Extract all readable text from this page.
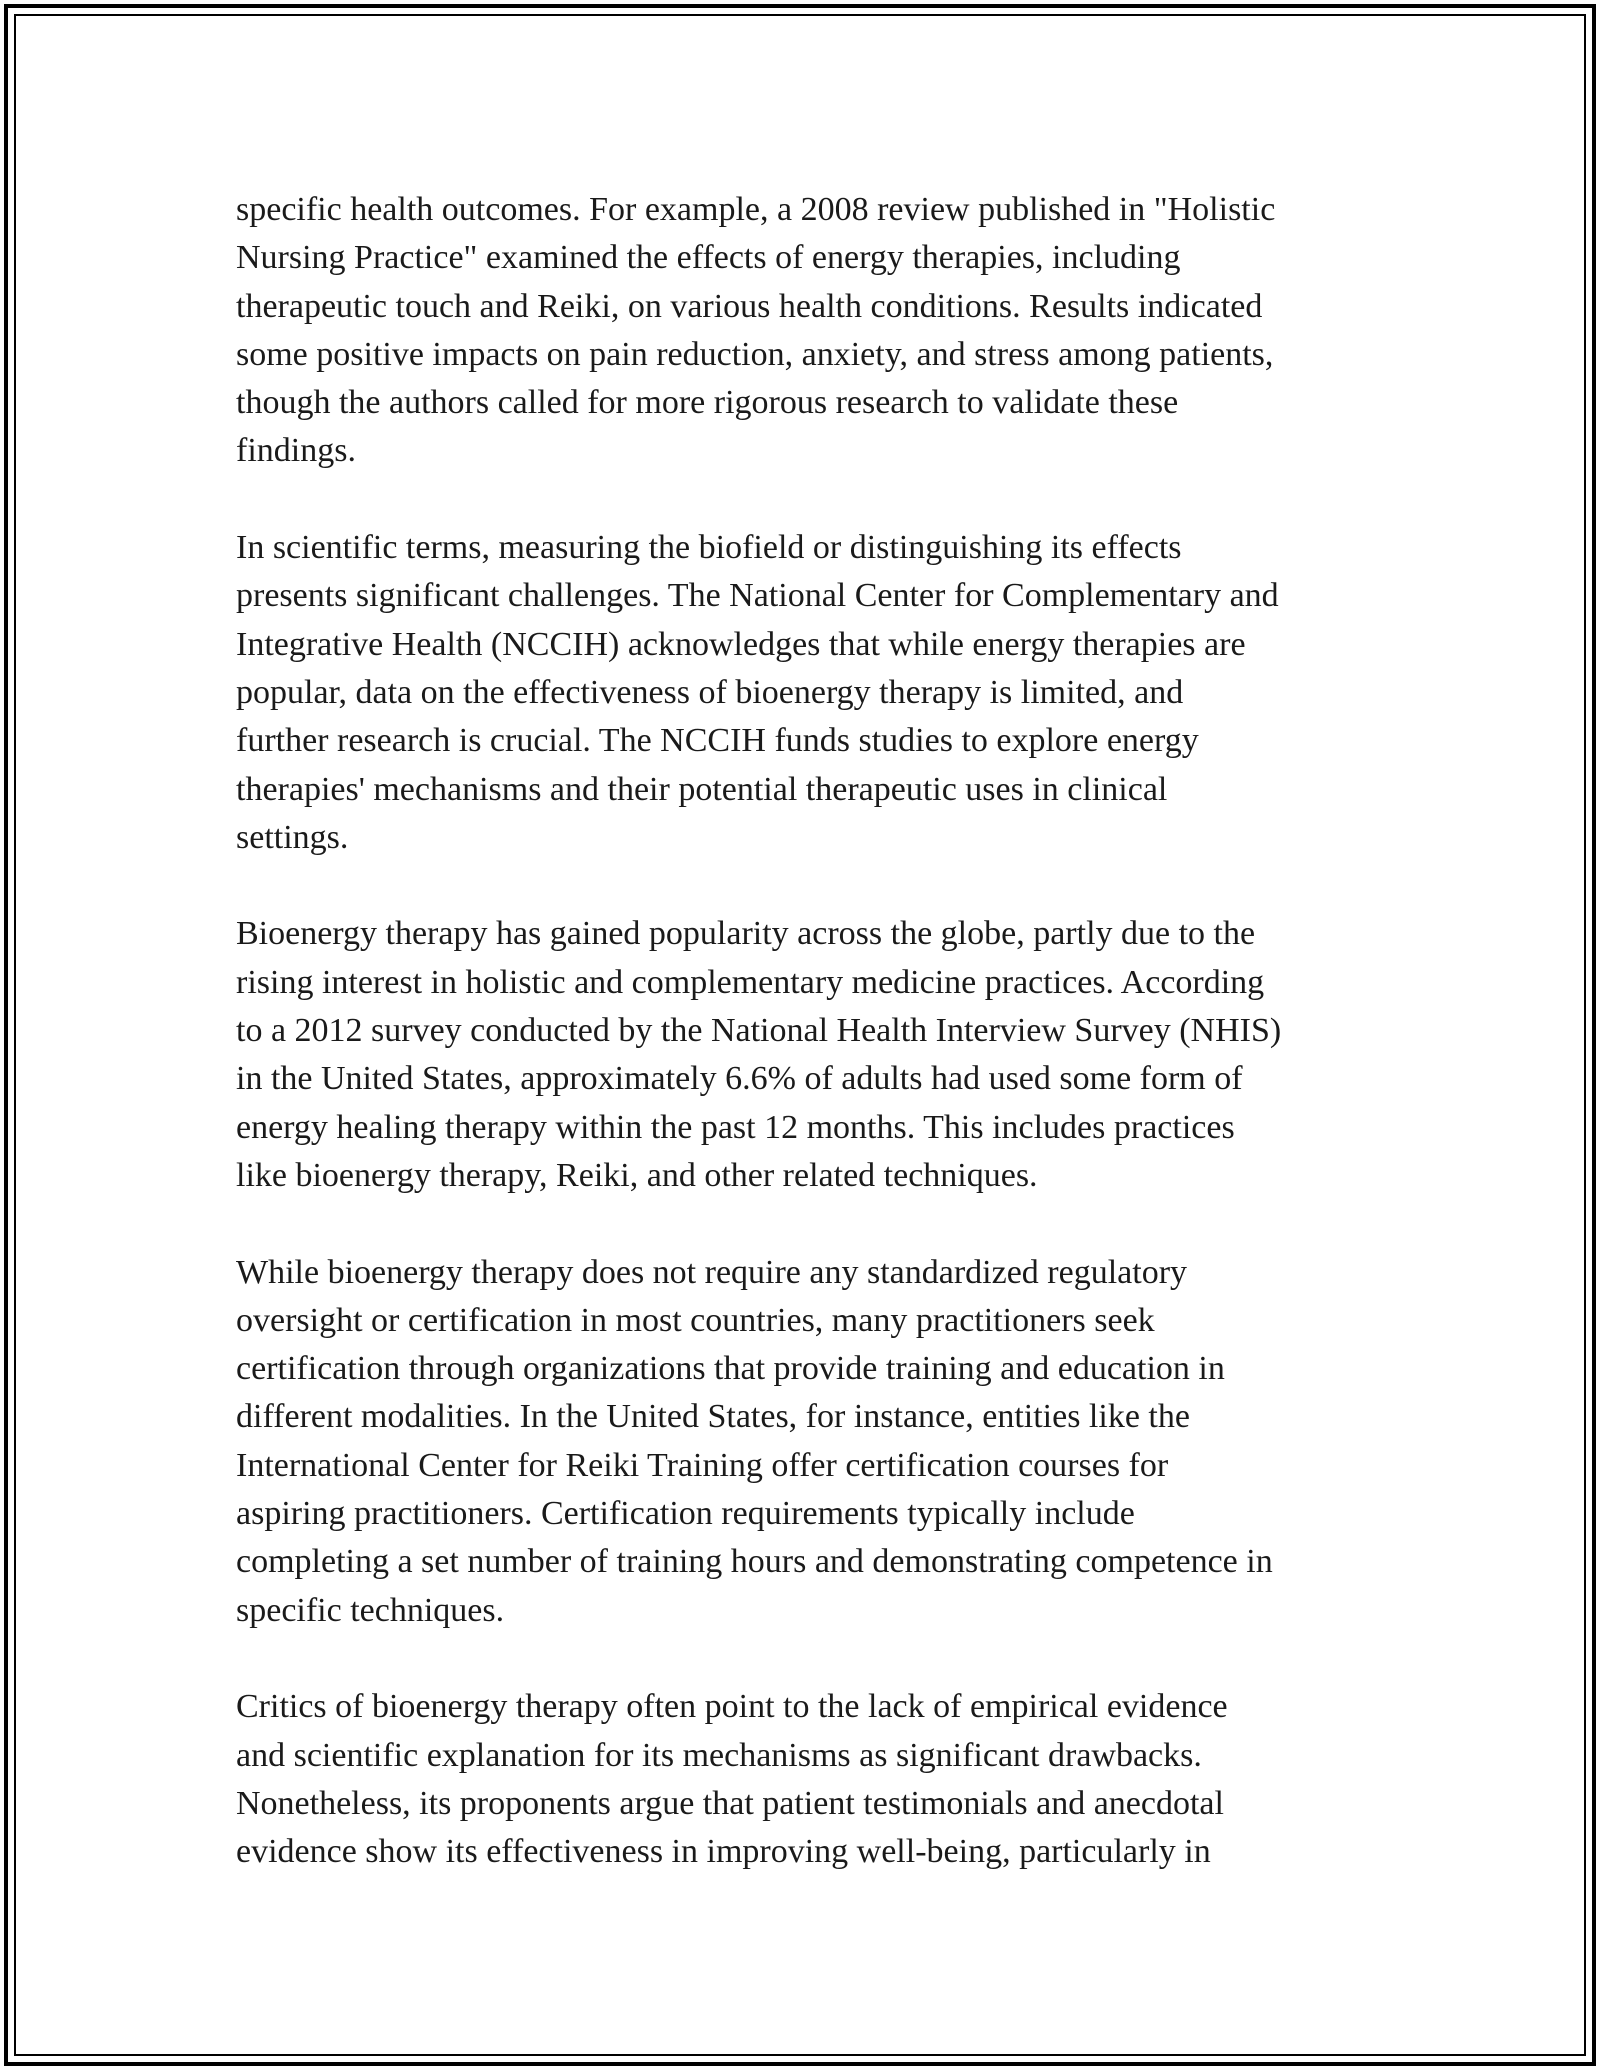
specific health outcomes. For example, a 2008 review published in "Holistic
Nursing Practice" examined the effects of energy therapies, including
therapeutic touch and Reiki, on various health conditions. Results indicated
some positive impacts on pain reduction, anxiety, and stress among patients,
though the authors called for more rigorous research to validate these
findings.

In scientific terms, measuring the biofield or distinguishing its effects
presents significant challenges. The National Center for Complementary and
Integrative Health (NCCIH) acknowledges that while energy therapies are
popular, data on the effectiveness of bioenergy therapy is limited, and
further research is crucial. The NCCIH funds studies to explore energy
therapies' mechanisms and their potential therapeutic uses in clinical
settings.

Bioenergy therapy has gained popularity across the globe, partly due to the
rising interest in holistic and complementary medicine practices. According
to a 2012 survey conducted by the National Health Interview Survey (NHIS)
in the United States, approximately 6.6% of adults had used some form of
energy healing therapy within the past 12 months. This includes practices
like bioenergy therapy, Reiki, and other related techniques.

While bioenergy therapy does not require any standardized regulatory
oversight or certification in most countries, many practitioners seek
certification through organizations that provide training and education in
different modalities. In the United States, for instance, entities like the
International Center for Reiki Training offer certification courses for
aspiring practitioners. Certification requirements typically include
completing a set number of training hours and demonstrating competence in
specific techniques.

Critics of bioenergy therapy often point to the lack of empirical evidence
and scientific explanation for its mechanisms as significant drawbacks.
Nonetheless, its proponents argue that patient testimonials and anecdotal
evidence show its effectiveness in improving well-being, particularly in
